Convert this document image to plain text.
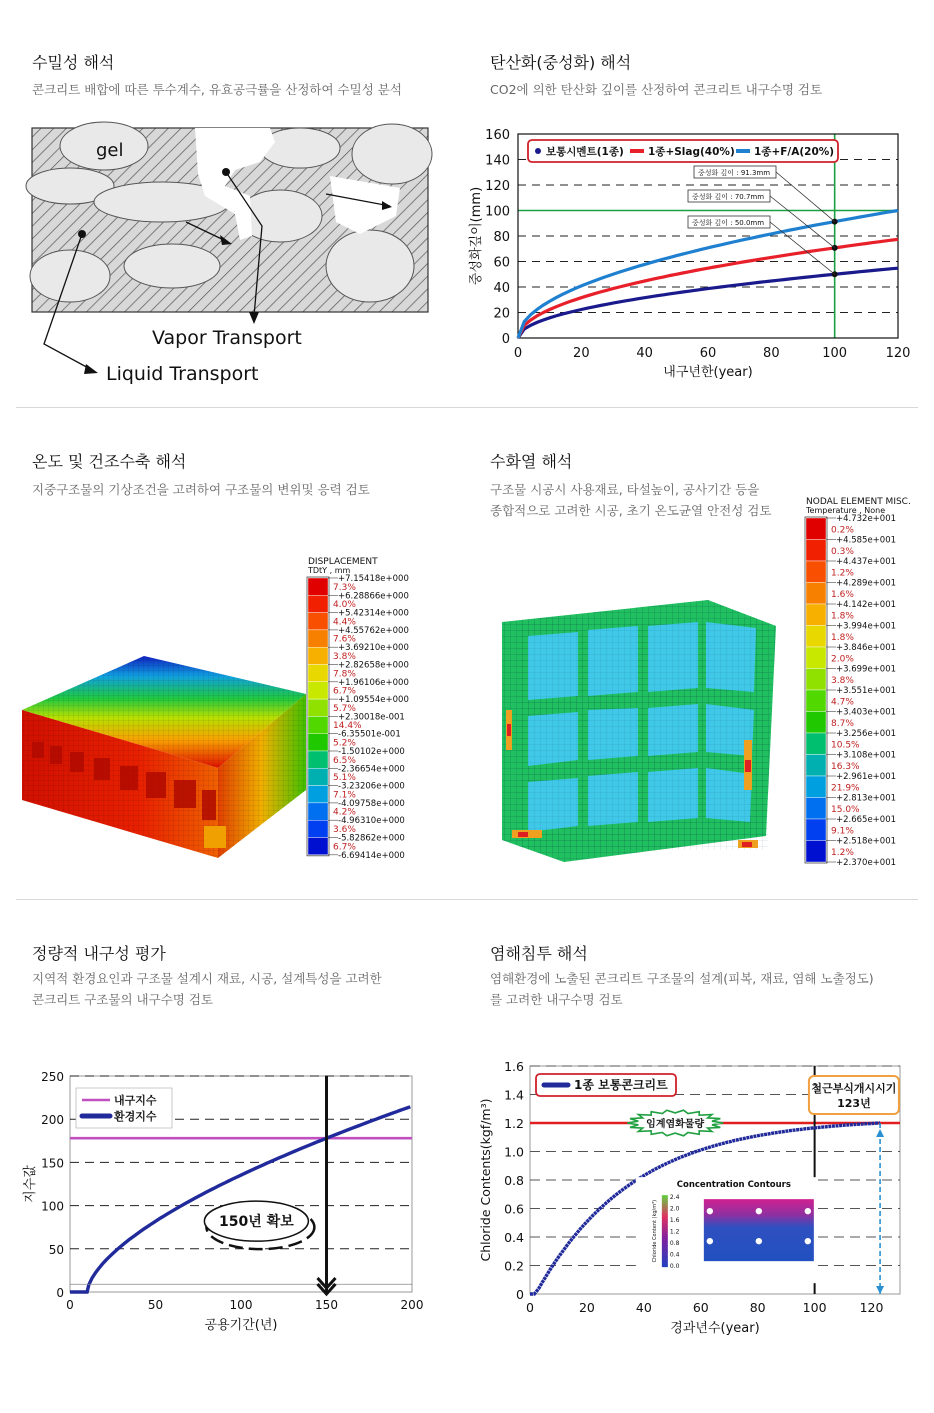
수밀성 해석
콘크리트 배합에 따른 투수계수, 유효공극률을 산정하여 수밀성 분석
탄산화(중성화) 해석
CO2에 의한 탄산화 깊이를 산정하여 콘크리트 내구수명 검토
온도 및 건조수축 해석
지중구조물의 기상조건을 고려하여 구조물의 변위및 응력 검토
수화열 해석
구조물 시공시 사용재료, 타설높이, 공사기간 등을
종합적으로 고려한 시공, 초기 온도균열 안전성 검토
정량적 내구성 평가
지역적 환경요인과 구조물 설계시 재료, 시공, 설계특성을 고려한
콘크리트 구조물의 내구수명 검토
염해침투 해석
염해환경에 노출된 콘크리트 구조물의 설계(피복, 재료, 염해 노출정도)
를 고려한 내구수명 검토
gel
Vapor Transport
Liquid Transport
0
20
40
60
80
100
120
140
160
0	20	40	60	80	100	120
보통시멘트(1종) 1종+Slag(40%) 1종+F/A(20%)
중성화 깊이 : 91.3mm
중성화 깊이 : 70.7mm
중성화 깊이 : 50.0mm
내구년한(year)
중성화깊이(mm)
DISPLACEMENT
TDtY , mm
7.3%
4.0%
4.4%
7.6%
3.8%
7.8%
6.7%
5.7%
14.4%
5.2%
6.5%
5.1%
7.1%
4.2%
3.6%
6.7%
+7.15418e+000
+6.28866e+000
+5.42314e+000
+4.55762e+000
+3.69210e+000
+2.82658e+000
+1.96106e+000
+1.09554e+000
+2.30018e-001
-6.35501e-001
-1.50102e+000
-2.36654e+000
-3.23206e+000
-4.09758e+000
-4.96310e+000
-5.82862e+000
-6.69414e+000
NODAL ELEMENT MISC.
Temperature , None
0.2%
0.3%
1.2%
1.6%
1.8%
1.8%
2.0%
3.8%
4.7%
8.7%
10.5%
16.3%
21.9%
15.0%
9.1%
1.2%
+4.732e+001
+4.585e+001
+4.437e+001
+4.289e+001
+4.142e+001
+3.994e+001
+3.846e+001
+3.699e+001
+3.551e+001
+3.403e+001
+3.256e+001
+3.108e+001
+2.961e+001
+2.813e+001
+2.665e+001
+2.518e+001
+2.370e+001
0
50
100
150
200
250
0	50	100	150	200
내구지수
환경지수
150년 확보
공용기간(년)
지수값
0
0.2
0.4
0.6
0.8
1.0
1.2
1.4
1.6
0	20	40	60	80	100	120
1종 보통콘크리트
임계염화물량
철근부식개시시기
123년
Concentration Contours
2.4
2.0
1.6
1.2
0.8
0.4
0.0
Chloride Content (kg/m³)
경과년수(year)
Chloride Contents(kgf/m³)
